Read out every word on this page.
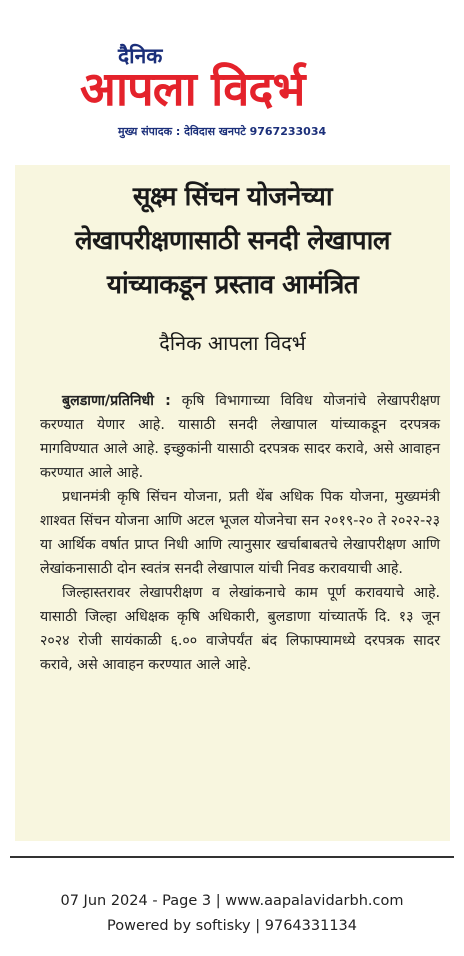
दैनिक
आपला विदर्भ
मुख्य संपादक : देविदास खनपटे 9767233034
सूक्ष्म सिंचन योजनेच्या
लेखापरीक्षणासाठी सनदी लेखापाल
यांच्याकडून प्रस्ताव आमंत्रित
दैनिक आपला विदर्भ

बुलडाणा/प्रतिनिधी : कृषि विभागाच्या विविध योजनांचे लेखापरीक्षण करण्यात येणार आहे. यासाठी सनदी लेखापाल यांच्याकडून दरपत्रक मागविण्यात आले आहे. इच्छुकांनी यासाठी दरपत्रक सादर करावे, असे आवाहन करण्यात आले आहे.

प्रधानमंत्री कृषि सिंचन योजना, प्रती थेंब अधिक पिक योजना, मुख्यमंत्री शाश्वत सिंचन योजना आणि अटल भूजल योजनेचा सन २०१९-२० ते २०२२-२३ या आर्थिक वर्षात प्राप्त निधी आणि त्यानुसार खर्चाबाबतचे लेखापरीक्षण आणि लेखांकनासाठी दोन स्वतंत्र सनदी लेखापाल यांची निवड करावयाची आहे.

जिल्हास्तरावर लेखापरीक्षण व लेखांकनाचे काम पूर्ण करावयाचे आहे. यासाठी जिल्हा अधिक्षक कृषि अधिकारी, बुलडाणा यांच्यातर्फे दि. १३ जून २०२४ रोजी सायंकाळी ६.०० वाजेपर्यंत बंद लिफाफ्यामध्ये दरपत्रक सादर करावे, असे आवाहन करण्यात आले आहे.

07 Jun 2024 - Page 3 | www.aapalavidarbh.com
Powered by softisky | 9764331134
